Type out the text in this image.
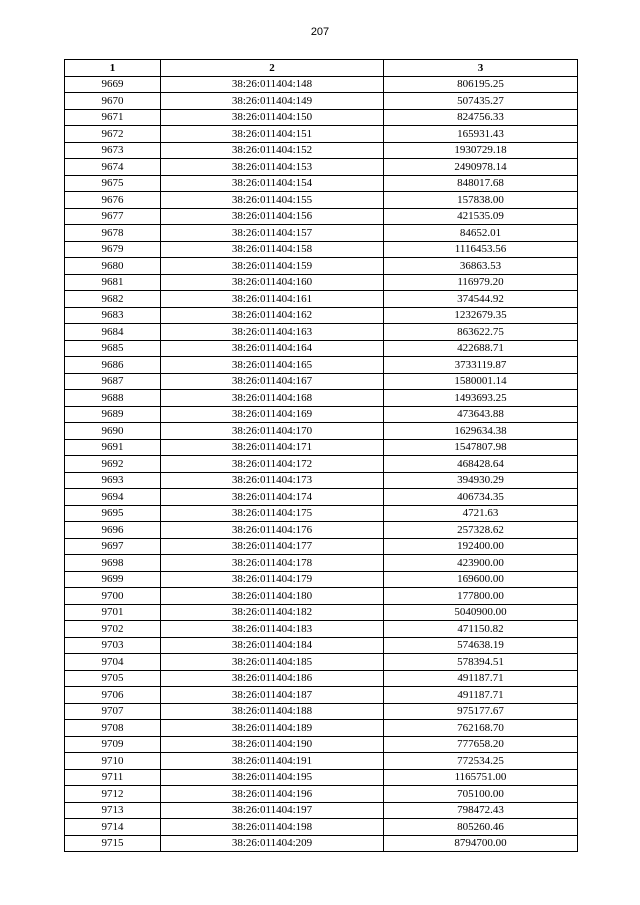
207
1	2	3
9669	38:26:011404:148	806195.25
9670	38:26:011404:149	507435.27
9671	38:26:011404:150	824756.33
9672	38:26:011404:151	165931.43
9673	38:26:011404:152	1930729.18
9674	38:26:011404:153	2490978.14
9675	38:26:011404:154	848017.68
9676	38:26:011404:155	157838.00
9677	38:26:011404:156	421535.09
9678	38:26:011404:157	84652.01
9679	38:26:011404:158	1116453.56
9680	38:26:011404:159	36863.53
9681	38:26:011404:160	116979.20
9682	38:26:011404:161	374544.92
9683	38:26:011404:162	1232679.35
9684	38:26:011404:163	863622.75
9685	38:26:011404:164	422688.71
9686	38:26:011404:165	3733119.87
9687	38:26:011404:167	1580001.14
9688	38:26:011404:168	1493693.25
9689	38:26:011404:169	473643.88
9690	38:26:011404:170	1629634.38
9691	38:26:011404:171	1547807.98
9692	38:26:011404:172	468428.64
9693	38:26:011404:173	394930.29
9694	38:26:011404:174	406734.35
9695	38:26:011404:175	4721.63
9696	38:26:011404:176	257328.62
9697	38:26:011404:177	192400.00
9698	38:26:011404:178	423900.00
9699	38:26:011404:179	169600.00
9700	38:26:011404:180	177800.00
9701	38:26:011404:182	5040900.00
9702	38:26:011404:183	471150.82
9703	38:26:011404:184	574638.19
9704	38:26:011404:185	578394.51
9705	38:26:011404:186	491187.71
9706	38:26:011404:187	491187.71
9707	38:26:011404:188	975177.67
9708	38:26:011404:189	762168.70
9709	38:26:011404:190	777658.20
9710	38:26:011404:191	772534.25
9711	38:26:011404:195	1165751.00
9712	38:26:011404:196	705100.00
9713	38:26:011404:197	798472.43
9714	38:26:011404:198	805260.46
9715	38:26:011404:209	8794700.00
